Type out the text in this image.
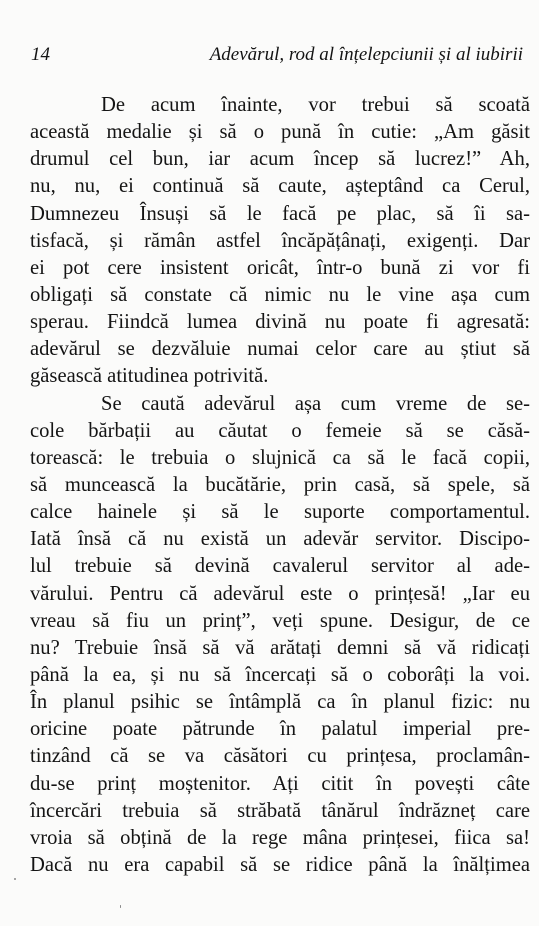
14	Adevărul, rod al înțelepciunii și al iubirii
De acum înainte, vor trebui să scoată
această medalie și să o pună în cutie: „Am găsit
drumul cel bun, iar acum încep să lucrez!” Ah,
nu, nu, ei continuă să caute, așteptând ca Cerul,
Dumnezeu Însuși să le facă pe plac, să îi sa-
tisfacă, și rămân astfel încăpățânați, exigenți. Dar
ei pot cere insistent oricât, într-o bună zi vor fi
obligați să constate că nimic nu le vine așa cum
sperau. Fiindcă lumea divină nu poate fi agresată:
adevărul se dezvăluie numai celor care au știut să
găsească atitudinea potrivită.
Se caută adevărul așa cum vreme de se-
cole bărbații au căutat o femeie să se căsă-
torească: le trebuia o slujnică ca să le facă copii,
să muncească la bucătărie, prin casă, să spele, să
calce hainele și să le suporte comportamentul.
Iată însă că nu există un adevăr servitor. Discipo-
lul trebuie să devină cavalerul servitor al ade-
vărului. Pentru că adevărul este o prințesă! „Iar eu
vreau să fiu un prinț”, veți spune. Desigur, de ce
nu? Trebuie însă să vă arătați demni să vă ridicați
până la ea, și nu să încercați să o coborâți la voi.
În planul psihic se întâmplă ca în planul fizic: nu
oricine poate pătrunde în palatul imperial pre-
tinzând că se va căsători cu prințesa, proclamân-
du-se prinț moștenitor. Ați citit în povești câte
încercări trebuia să străbată tânărul îndrăzneț care
vroia să obțină de la rege mâna prințesei, fiica sa!
Dacă nu era capabil să se ridice până la înălțimea
